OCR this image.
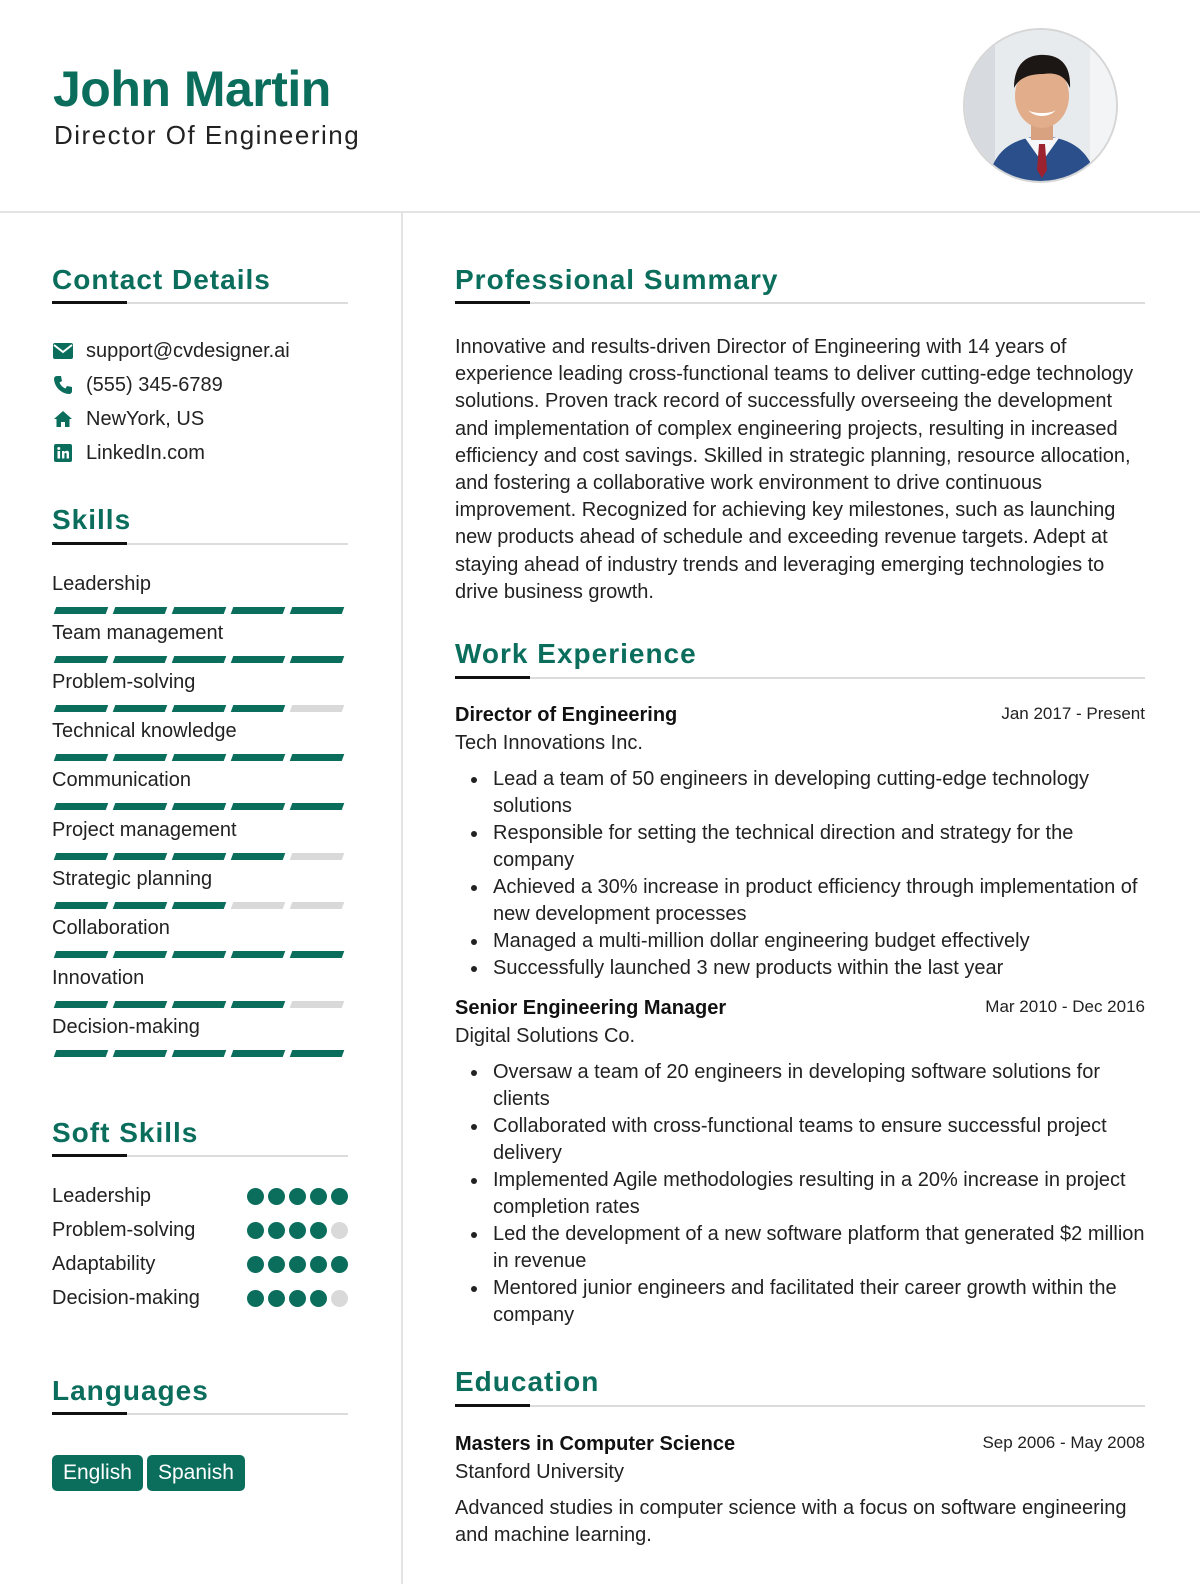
John Martin
Director Of Engineering
Contact Details
support@cvdesigner.ai
(555) 345-6789
NewYork, US
LinkedIn.com
Skills
Leadership
Team management
Problem-solving
Technical knowledge
Communication
Project management
Strategic planning
Collaboration
Innovation
Decision-making
Soft Skills
Leadership
Problem-solving
Adaptability
Decision-making
Languages
English	Spanish
Professional Summary
Innovative and results-driven Director of Engineering with 14 years of experience leading cross-functional teams to deliver cutting-edge technology solutions. Proven track record of successfully overseeing the development and implementation of complex engineering projects, resulting in increased efficiency and cost savings. Skilled in strategic planning, resource allocation, and fostering a collaborative work environment to drive continuous improvement. Recognized for achieving key milestones, such as launching new products ahead of schedule and exceeding revenue targets. Adept at staying ahead of industry trends and leveraging emerging technologies to drive business growth.
Work Experience
Director of Engineering	Jan 2017 - Present
Tech Innovations Inc.
Lead a team of 50 engineers in developing cutting-edge technology solutions
Responsible for setting the technical direction and strategy for the company
Achieved a 30% increase in product efficiency through implementation of new development processes
Managed a multi-million dollar engineering budget effectively
Successfully launched 3 new products within the last year
Senior Engineering Manager	Mar 2010 - Dec 2016
Digital Solutions Co.
Oversaw a team of 20 engineers in developing software solutions for clients
Collaborated with cross-functional teams to ensure successful project delivery
Implemented Agile methodologies resulting in a 20% increase in project completion rates
Led the development of a new software platform that generated $2 million in revenue
Mentored junior engineers and facilitated their career growth within the company
Education
Masters in Computer Science	Sep 2006 - May 2008
Stanford University
Advanced studies in computer science with a focus on software engineering and machine learning.
